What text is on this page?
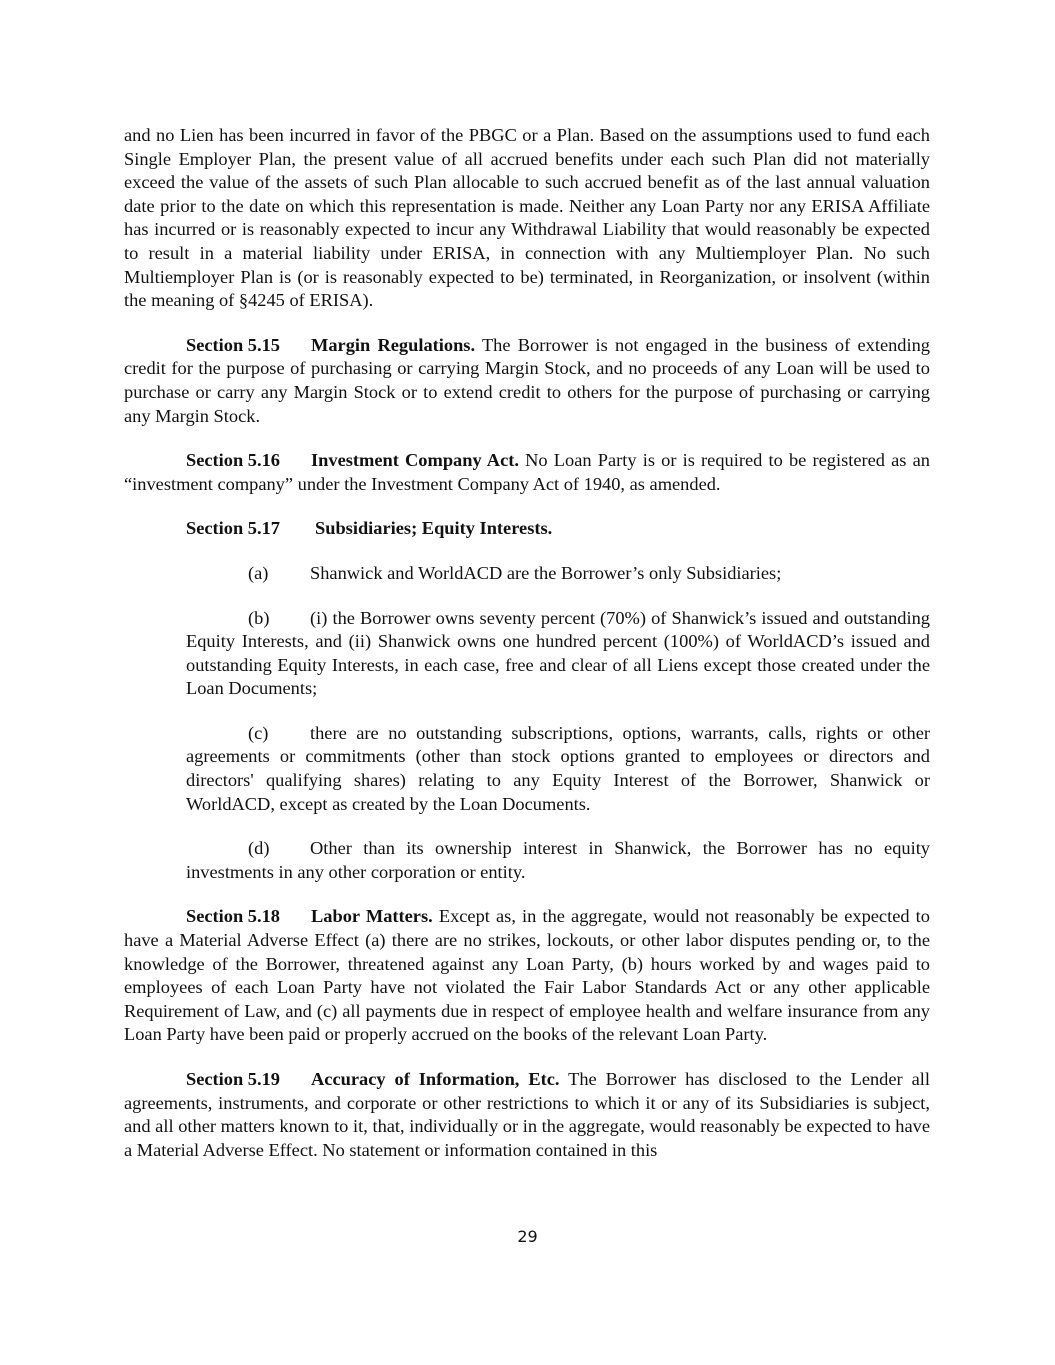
and no Lien has been incurred in favor of the PBGC or a Plan. Based on the assumptions used to fund each Single Employer Plan, the present value of all accrued benefits under each such Plan did not materially exceed the value of the assets of such Plan allocable to such accrued benefit as of the last annual valuation date prior to the date on which this representation is made. Neither any Loan Party nor any ERISA Affiliate has incurred or is reasonably expected to incur any Withdrawal Liability that would reasonably be expected to result in a material liability under ERISA, in connection with any Multiemployer Plan. No such Multiemployer Plan is (or is reasonably expected to be) terminated, in Reorganization, or insolvent (within the meaning of §4245 of ERISA).

Section 5.15 Margin Regulations. The Borrower is not engaged in the business of extending credit for the purpose of purchasing or carrying Margin Stock, and no proceeds of any Loan will be used to purchase or carry any Margin Stock or to extend credit to others for the purpose of purchasing or carrying any Margin Stock.

Section 5.16 Investment Company Act. No Loan Party is or is required to be registered as an “investment company” under the Investment Company Act of 1940, as amended.

Section 5.17 Subsidiaries; Equity Interests.

(a) Shanwick and WorldACD are the Borrower’s only Subsidiaries;

(b) (i) the Borrower owns seventy percent (70%) of Shanwick’s issued and outstanding Equity Interests, and (ii) Shanwick owns one hundred percent (100%) of WorldACD’s issued and outstanding Equity Interests, in each case, free and clear of all Liens except those created under the Loan Documents;

(c) there are no outstanding subscriptions, options, warrants, calls, rights or other agreements or commitments (other than stock options granted to employees or directors and directors' qualifying shares) relating to any Equity Interest of the Borrower, Shanwick or WorldACD, except as created by the Loan Documents.

(d) Other than its ownership interest in Shanwick, the Borrower has no equity investments in any other corporation or entity.

Section 5.18 Labor Matters. Except as, in the aggregate, would not reasonably be expected to have a Material Adverse Effect (a) there are no strikes, lockouts, or other labor disputes pending or, to the knowledge of the Borrower, threatened against any Loan Party, (b) hours worked by and wages paid to employees of each Loan Party have not violated the Fair Labor Standards Act or any other applicable Requirement of Law, and (c) all payments due in respect of employee health and welfare insurance from any Loan Party have been paid or properly accrued on the books of the relevant Loan Party.

Section 5.19 Accuracy of Information, Etc. The Borrower has disclosed to the Lender all agreements, instruments, and corporate or other restrictions to which it or any of its Subsidiaries is subject, and all other matters known to it, that, individually or in the aggregate, would reasonably be expected to have a Material Adverse Effect. No statement or information contained in this

29
